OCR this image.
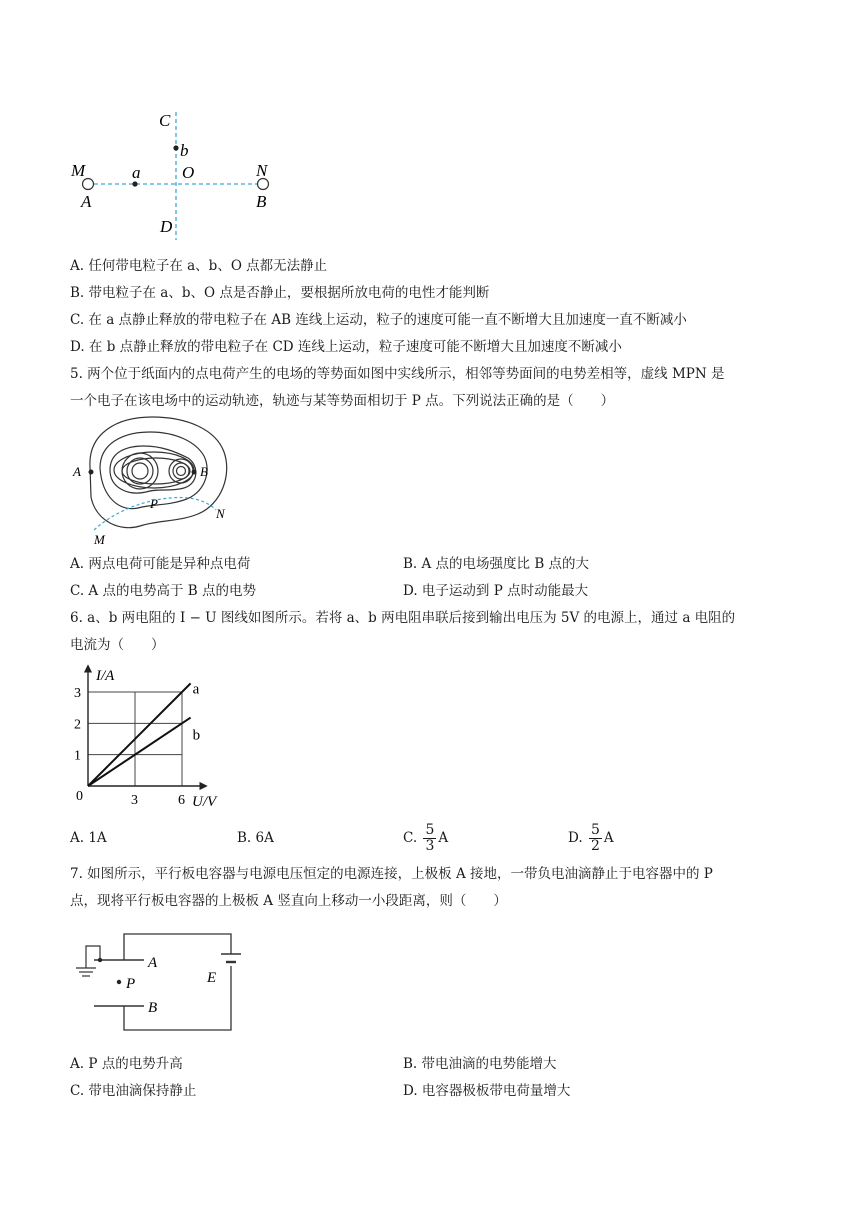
C
b
M	a O	N
A	B
D
A. 任何带电粒子在 a、b、O 点都无法静止
B. 带电粒子在 a、b、O 点是否静止，要根据所放电荷的电性才能判断
C. 在 a 点静止释放的带电粒子在 AB 连线上运动，粒子的速度可能一直不断增大且加速度一直不断减小
D. 在 b 点静止释放的带电粒子在 CD 连线上运动，粒子速度可能不断增大且加速度不断减小
5. 两个位于纸面内的点电荷产生的电场的等势面如图中实线所示，相邻等势面间的电势差相等，虚线 MPN 是
一个电子在该电场中的运动轨迹，轨迹与某等势面相切于 P 点。下列说法正确的是（　　）
A	B
P
N
M
A. 两点电荷可能是异种点电荷	B. A 点的电场强度比 B 点的大
C. A 点的电势高于 B 点的电势	D. 电子运动到 P 点时动能最大
6. a、b 两电阻的 I − U 图线如图所示。若将 a、b 两电阻串联后接到输出电压为 5V 的电源上，通过 a 电阻的
电流为（　　）
a
b
1
2
3
3	6
I/A
U/V
0
A. 1A	B. 6A	C. $\frac{5}{3}$ A	D. $\frac{5}{2}$ A
7. 如图所示，平行板电容器与电源电压恒定的电源连接，上极板 A 接地，一带负电油滴静止于电容器中的 P
点，现将平行板电容器的上极板 A 竖直向上移动一小段距离，则（　　）
A
P
B
E
A. P 点的电势升高	B. 带电油滴的电势能增大
C. 带电油滴保持静止	D. 电容器极板带电荷量增大
